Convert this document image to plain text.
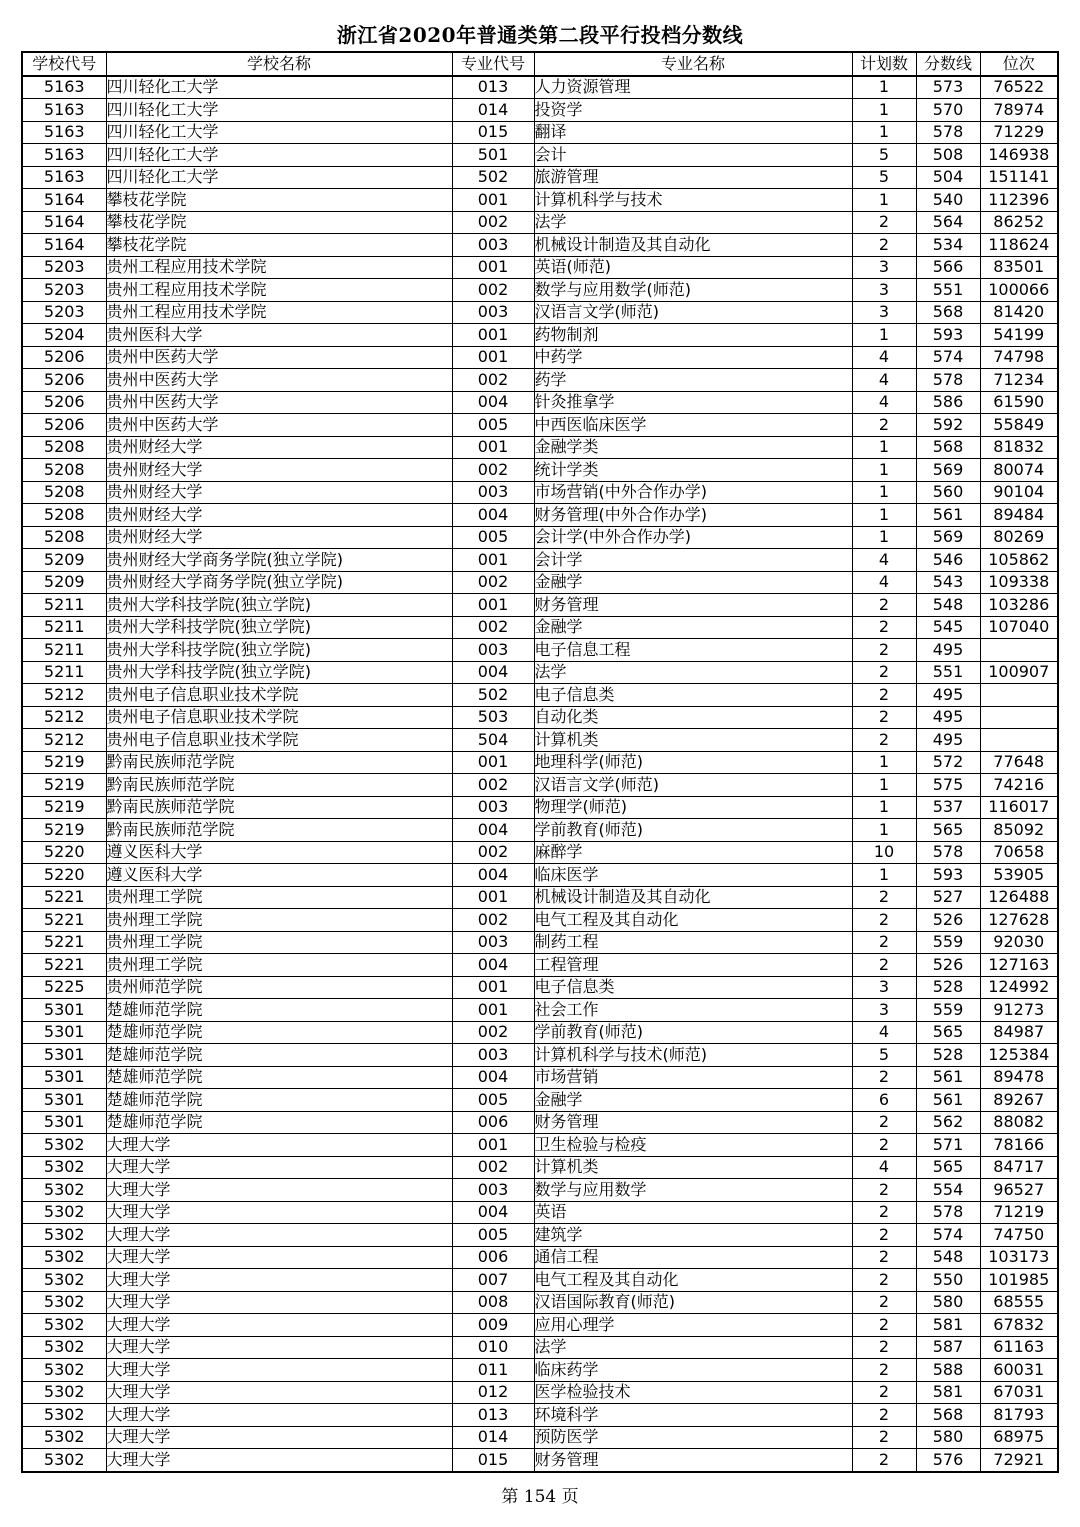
浙江省2020年普通类第二段平行投档分数线
学校代号	学校名称	专业代号	专业名称	计划数	分数线	位次
5163	四川轻化工大学	013	人力资源管理	1	573	76522
5163	四川轻化工大学	014	投资学	1	570	78974
5163	四川轻化工大学	015	翻译	1	578	71229
5163	四川轻化工大学	501	会计	5	508	146938
5163	四川轻化工大学	502	旅游管理	5	504	151141
5164	攀枝花学院	001	计算机科学与技术	1	540	112396
5164	攀枝花学院	002	法学	2	564	86252
5164	攀枝花学院	003	机械设计制造及其自动化	2	534	118624
5203	贵州工程应用技术学院	001	英语(师范)	3	566	83501
5203	贵州工程应用技术学院	002	数学与应用数学(师范)	3	551	100066
5203	贵州工程应用技术学院	003	汉语言文学(师范)	3	568	81420
5204	贵州医科大学	001	药物制剂	1	593	54199
5206	贵州中医药大学	001	中药学	4	574	74798
5206	贵州中医药大学	002	药学	4	578	71234
5206	贵州中医药大学	004	针灸推拿学	4	586	61590
5206	贵州中医药大学	005	中西医临床医学	2	592	55849
5208	贵州财经大学	001	金融学类	1	568	81832
5208	贵州财经大学	002	统计学类	1	569	80074
5208	贵州财经大学	003	市场营销(中外合作办学)	1	560	90104
5208	贵州财经大学	004	财务管理(中外合作办学)	1	561	89484
5208	贵州财经大学	005	会计学(中外合作办学)	1	569	80269
5209	贵州财经大学商务学院(独立学院)	001	会计学	4	546	105862
5209	贵州财经大学商务学院(独立学院)	002	金融学	4	543	109338
5211	贵州大学科技学院(独立学院)	001	财务管理	2	548	103286
5211	贵州大学科技学院(独立学院)	002	金融学	2	545	107040
5211	贵州大学科技学院(独立学院)	003	电子信息工程	2	495	
5211	贵州大学科技学院(独立学院)	004	法学	2	551	100907
5212	贵州电子信息职业技术学院	502	电子信息类	2	495	
5212	贵州电子信息职业技术学院	503	自动化类	2	495	
5212	贵州电子信息职业技术学院	504	计算机类	2	495	
5219	黔南民族师范学院	001	地理科学(师范)	1	572	77648
5219	黔南民族师范学院	002	汉语言文学(师范)	1	575	74216
5219	黔南民族师范学院	003	物理学(师范)	1	537	116017
5219	黔南民族师范学院	004	学前教育(师范)	1	565	85092
5220	遵义医科大学	002	麻醉学	10	578	70658
5220	遵义医科大学	004	临床医学	1	593	53905
5221	贵州理工学院	001	机械设计制造及其自动化	2	527	126488
5221	贵州理工学院	002	电气工程及其自动化	2	526	127628
5221	贵州理工学院	003	制药工程	2	559	92030
5221	贵州理工学院	004	工程管理	2	526	127163
5225	贵州师范学院	001	电子信息类	3	528	124992
5301	楚雄师范学院	001	社会工作	3	559	91273
5301	楚雄师范学院	002	学前教育(师范)	4	565	84987
5301	楚雄师范学院	003	计算机科学与技术(师范)	5	528	125384
5301	楚雄师范学院	004	市场营销	2	561	89478
5301	楚雄师范学院	005	金融学	6	561	89267
5301	楚雄师范学院	006	财务管理	2	562	88082
5302	大理大学	001	卫生检验与检疫	2	571	78166
5302	大理大学	002	计算机类	4	565	84717
5302	大理大学	003	数学与应用数学	2	554	96527
5302	大理大学	004	英语	2	578	71219
5302	大理大学	005	建筑学	2	574	74750
5302	大理大学	006	通信工程	2	548	103173
5302	大理大学	007	电气工程及其自动化	2	550	101985
5302	大理大学	008	汉语国际教育(师范)	2	580	68555
5302	大理大学	009	应用心理学	2	581	67832
5302	大理大学	010	法学	2	587	61163
5302	大理大学	011	临床药学	2	588	60031
5302	大理大学	012	医学检验技术	2	581	67031
5302	大理大学	013	环境科学	2	568	81793
5302	大理大学	014	预防医学	2	580	68975
5302	大理大学	015	财务管理	2	576	72921
第 154 页
